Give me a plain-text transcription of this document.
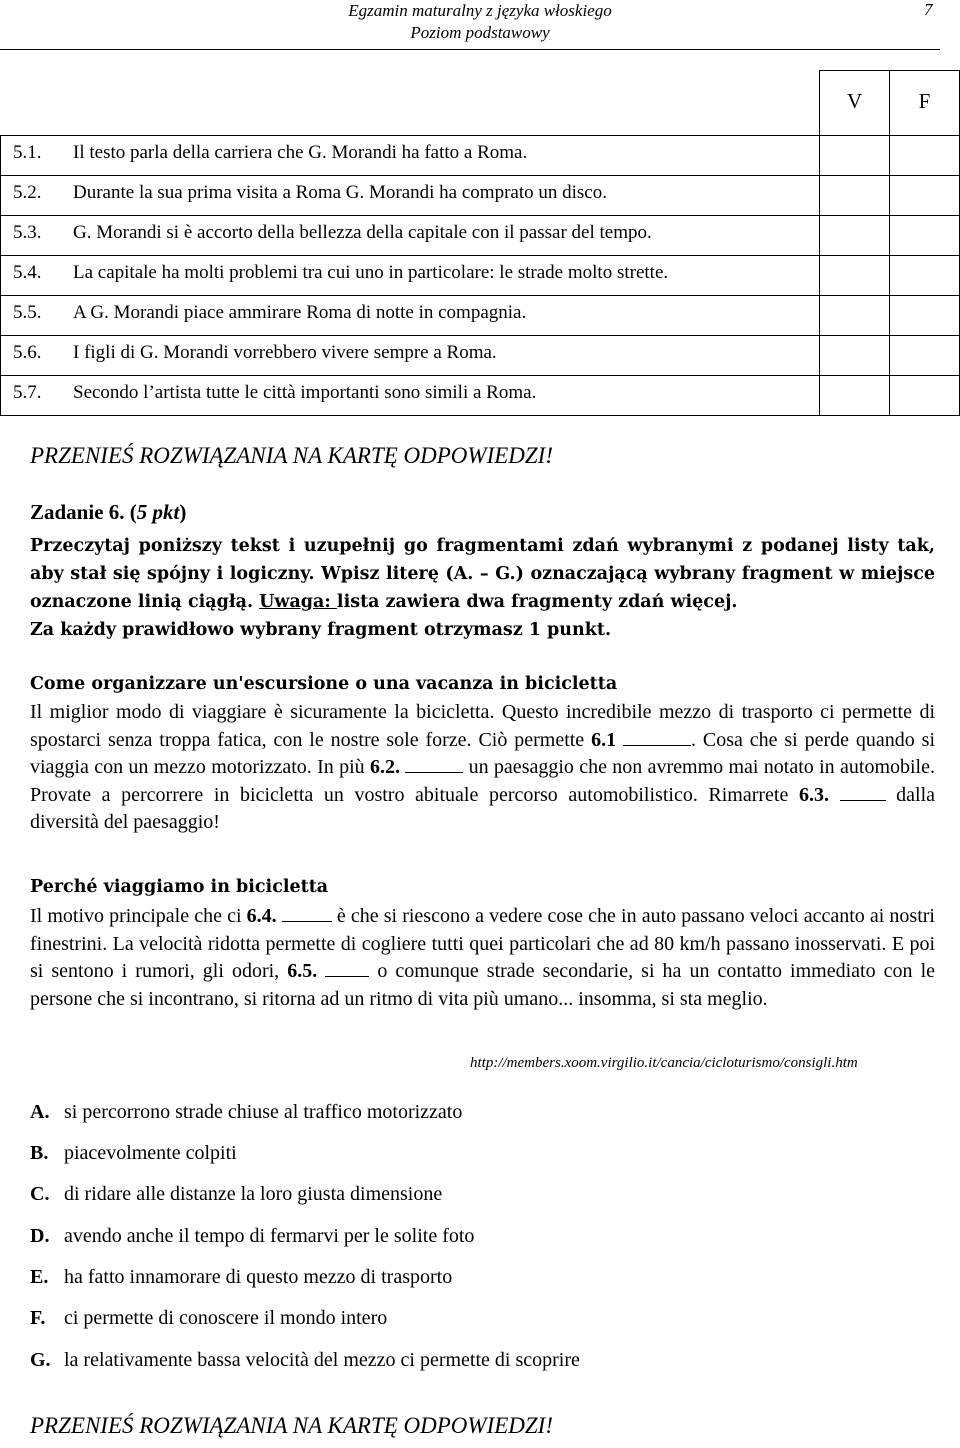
Egzamin maturalny z języka włoskiego
Poziom podstawowy
7
	V	F

5.1. Il testo parla della carriera che G. Morandi ha fatto a Roma.		

5.2. Durante la sua prima visita a Roma G. Morandi ha comprato un disco.		

5.3. G. Morandi si è accorto della bellezza della capitale con il passar del tempo.		

5.4. La capitale ha molti problemi tra cui uno in particolare: le strade molto strette.		

5.5. A G. Morandi piace ammirare Roma di notte in compagnia.		

5.6. I figli di G. Morandi vorrebbero vivere sempre a Roma.		

5.7. Secondo l’artista tutte le città importanti sono simili a Roma.		

PRZENIEŚ ROZWIĄZANIA NA KARTĘ ODPOWIEDZI!
Zadanie 6. (5 pkt)
Przeczytaj poniższy tekst i uzupełnij go fragmentami zdań wybranymi z podanej listy tak, aby stał się spójny i logiczny. Wpisz literę (A. – G.) oznaczającą wybrany fragment w miejsce oznaczone linią ciągłą. Uwaga: lista zawiera dwa fragmenty zdań więcej.
Za każdy prawidłowo wybrany fragment otrzymasz 1 punkt.
Come organizzare un'escursione o una vacanza in bicicletta
Il miglior modo di viaggiare è sicuramente la bicicletta. Questo incredibile mezzo di trasporto ci permette di spostarci senza troppa fatica, con le nostre sole forze. Ciò permette 6.1	. Cosa che si perde quando si viaggia con un mezzo motorizzato. In più 6.2.	un paesaggio che non avremmo mai notato in automobile. Provate a percorrere in bicicletta un vostro abituale percorso automobilistico. Rimarrete 6.3.	dalla diversità del paesaggio!
Perché viaggiamo in bicicletta
Il motivo principale che ci 6.4.	è che si riescono a vedere cose che in auto passano veloci accanto ai nostri finestrini. La velocità ridotta permette di cogliere tutti quei particolari che ad 80 km/h passano inosservati. E poi si sentono i rumori, gli odori, 6.5.	o comunque strade secondarie, si ha un contatto immediato con le persone che si incontrano, si ritorna ad un ritmo di vita più umano... insomma, si sta meglio.
http://members.xoom.virgilio.it/cancia/cicloturismo/consigli.htm
A. si percorrono strade chiuse al traffico motorizzato
B. piacevolmente colpiti
C. di ridare alle distanze la loro giusta dimensione
D. avendo anche il tempo di fermarvi per le solite foto
E. ha fatto innamorare di questo mezzo di trasporto
F. ci permette di conoscere il mondo intero
G. la relativamente bassa velocità del mezzo ci permette di scoprire
PRZENIEŚ ROZWIĄZANIA NA KARTĘ ODPOWIEDZI!
